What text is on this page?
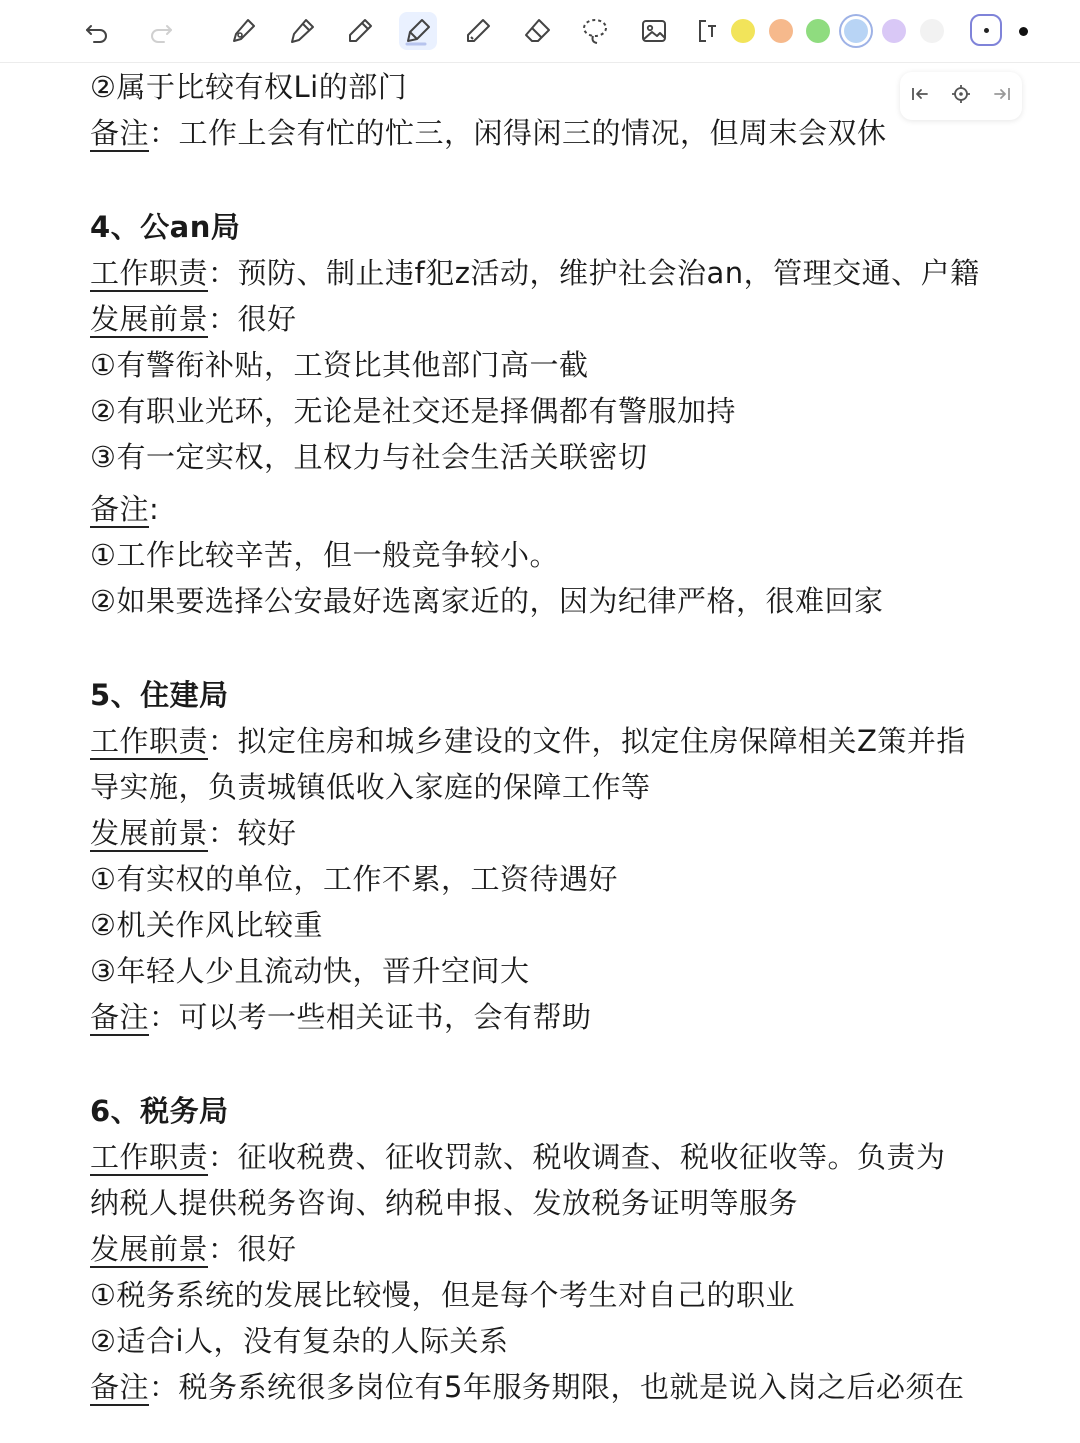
②属于比较有权Li的部门
备注：工作上会有忙的忙三，闲得闲三的情况，但周末会双休
4、公an局
工作职责：预防、制止违f犯z活动，维护社会治an，管理交通、户籍
发展前景：很好
①有警衔补贴，工资比其他部门高一截
②有职业光环，无论是社交还是择偶都有警服加持
③有一定实权，且权力与社会生活关联密切
备注:
①工作比较辛苦，但一般竞争较小。
②如果要选择公安最好选离家近的，因为纪律严格，很难回家
5、住建局
工作职责：拟定住房和城乡建设的文件，拟定住房保障相关Z策并指
导实施，负责城镇低收入家庭的保障工作等
发展前景：较好
①有实权的单位，工作不累，工资待遇好
②机关作风比较重
③年轻人少且流动快，晋升空间大
备注：可以考一些相关证书，会有帮助
6、税务局
工作职责：征收税费、征收罚款、税收调查、税收征收等。负责为
纳税人提供税务咨询、纳税申报、发放税务证明等服务
发展前景：很好
①税务系统的发展比较慢，但是每个考生对自己的职业
②适合i人，没有复杂的人际关系
备注：税务系统很多岗位有5年服务期限，也就是说入岗之后必须在
